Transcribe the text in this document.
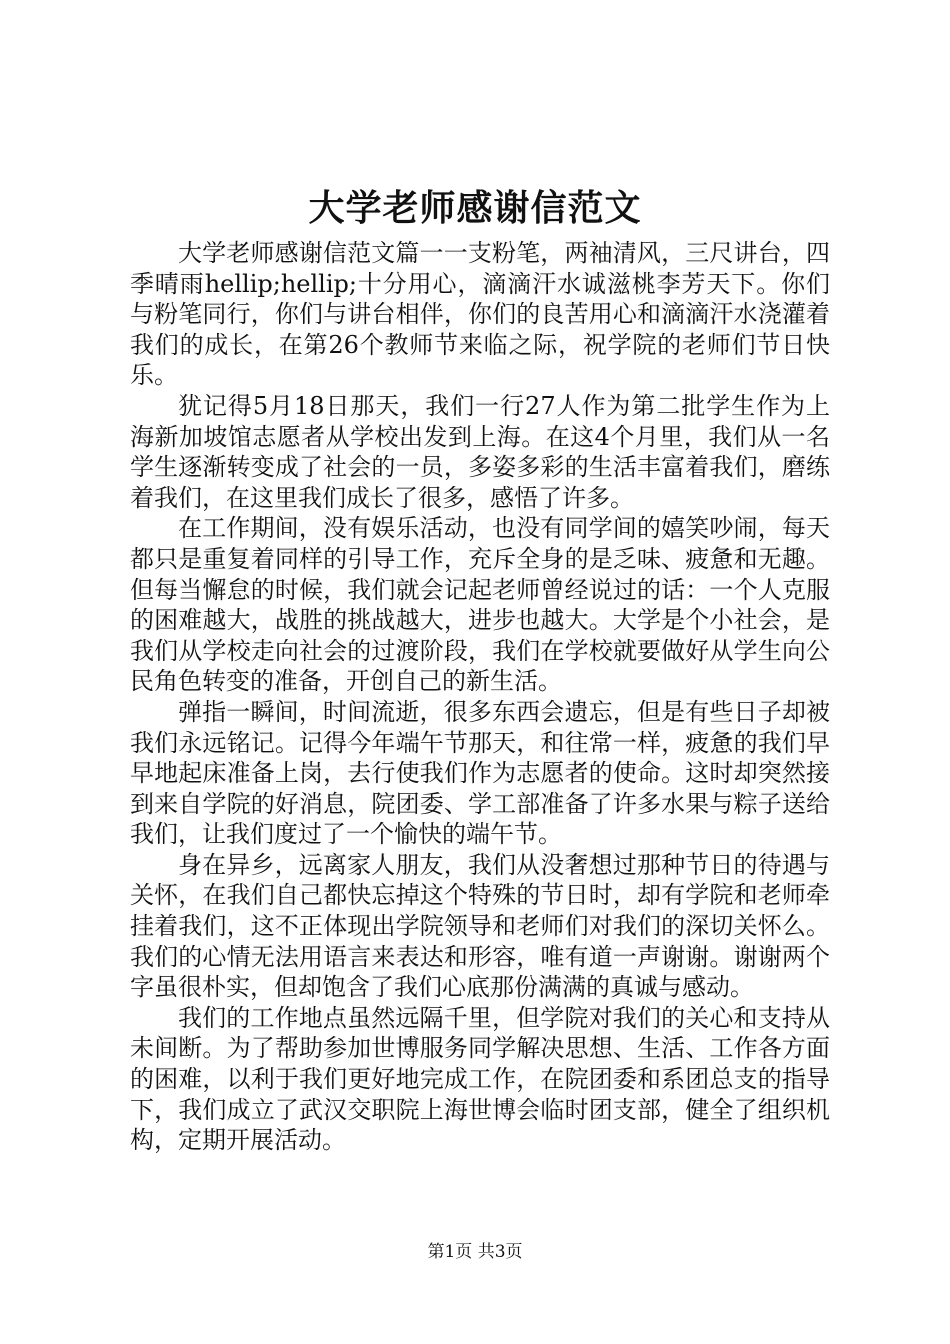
大学老师感谢信范文

大学老师感谢信范文篇一一支粉笔，两袖清风，三尺讲台，四季晴雨hellip;hellip;十分用心，滴滴汗水诚滋桃李芳天下。你们与粉笔同行，你们与讲台相伴，你们的良苦用心和滴滴汗水浇灌着我们的成长，在第26个教师节来临之际，祝学院的老师们节日快乐。

犹记得5月18日那天，我们一行27人作为第二批学生作为上海新加坡馆志愿者从学校出发到上海。在这4个月里，我们从一名学生逐渐转变成了社会的一员，多姿多彩的生活丰富着我们，磨练着我们，在这里我们成长了很多，感悟了许多。

在工作期间，没有娱乐活动，也没有同学间的嬉笑吵闹，每天都只是重复着同样的引导工作，充斥全身的是乏味、疲惫和无趣。但每当懈怠的时候，我们就会记起老师曾经说过的话：一个人克服的困难越大，战胜的挑战越大，进步也越大。大学是个小社会，是我们从学校走向社会的过渡阶段，我们在学校就要做好从学生向公民角色转变的准备，开创自己的新生活。

弹指一瞬间，时间流逝，很多东西会遗忘，但是有些日子却被我们永远铭记。记得今年端午节那天，和往常一样，疲惫的我们早早地起床准备上岗，去行使我们作为志愿者的使命。这时却突然接到来自学院的好消息，院团委、学工部准备了许多水果与粽子送给我们，让我们度过了一个愉快的端午节。

身在异乡，远离家人朋友，我们从没奢想过那种节日的待遇与关怀，在我们自己都快忘掉这个特殊的节日时，却有学院和老师牵挂着我们，这不正体现出学院领导和老师们对我们的深切关怀么。我们的心情无法用语言来表达和形容，唯有道一声谢谢。谢谢两个字虽很朴实，但却饱含了我们心底那份满满的真诚与感动。

我们的工作地点虽然远隔千里，但学院对我们的关心和支持从未间断。为了帮助参加世博服务同学解决思想、生活、工作各方面的困难，以利于我们更好地完成工作，在院团委和系团总支的指导下，我们成立了武汉交职院上海世博会临时团支部，健全了组织机构，定期开展活动。

第1页 共3页
